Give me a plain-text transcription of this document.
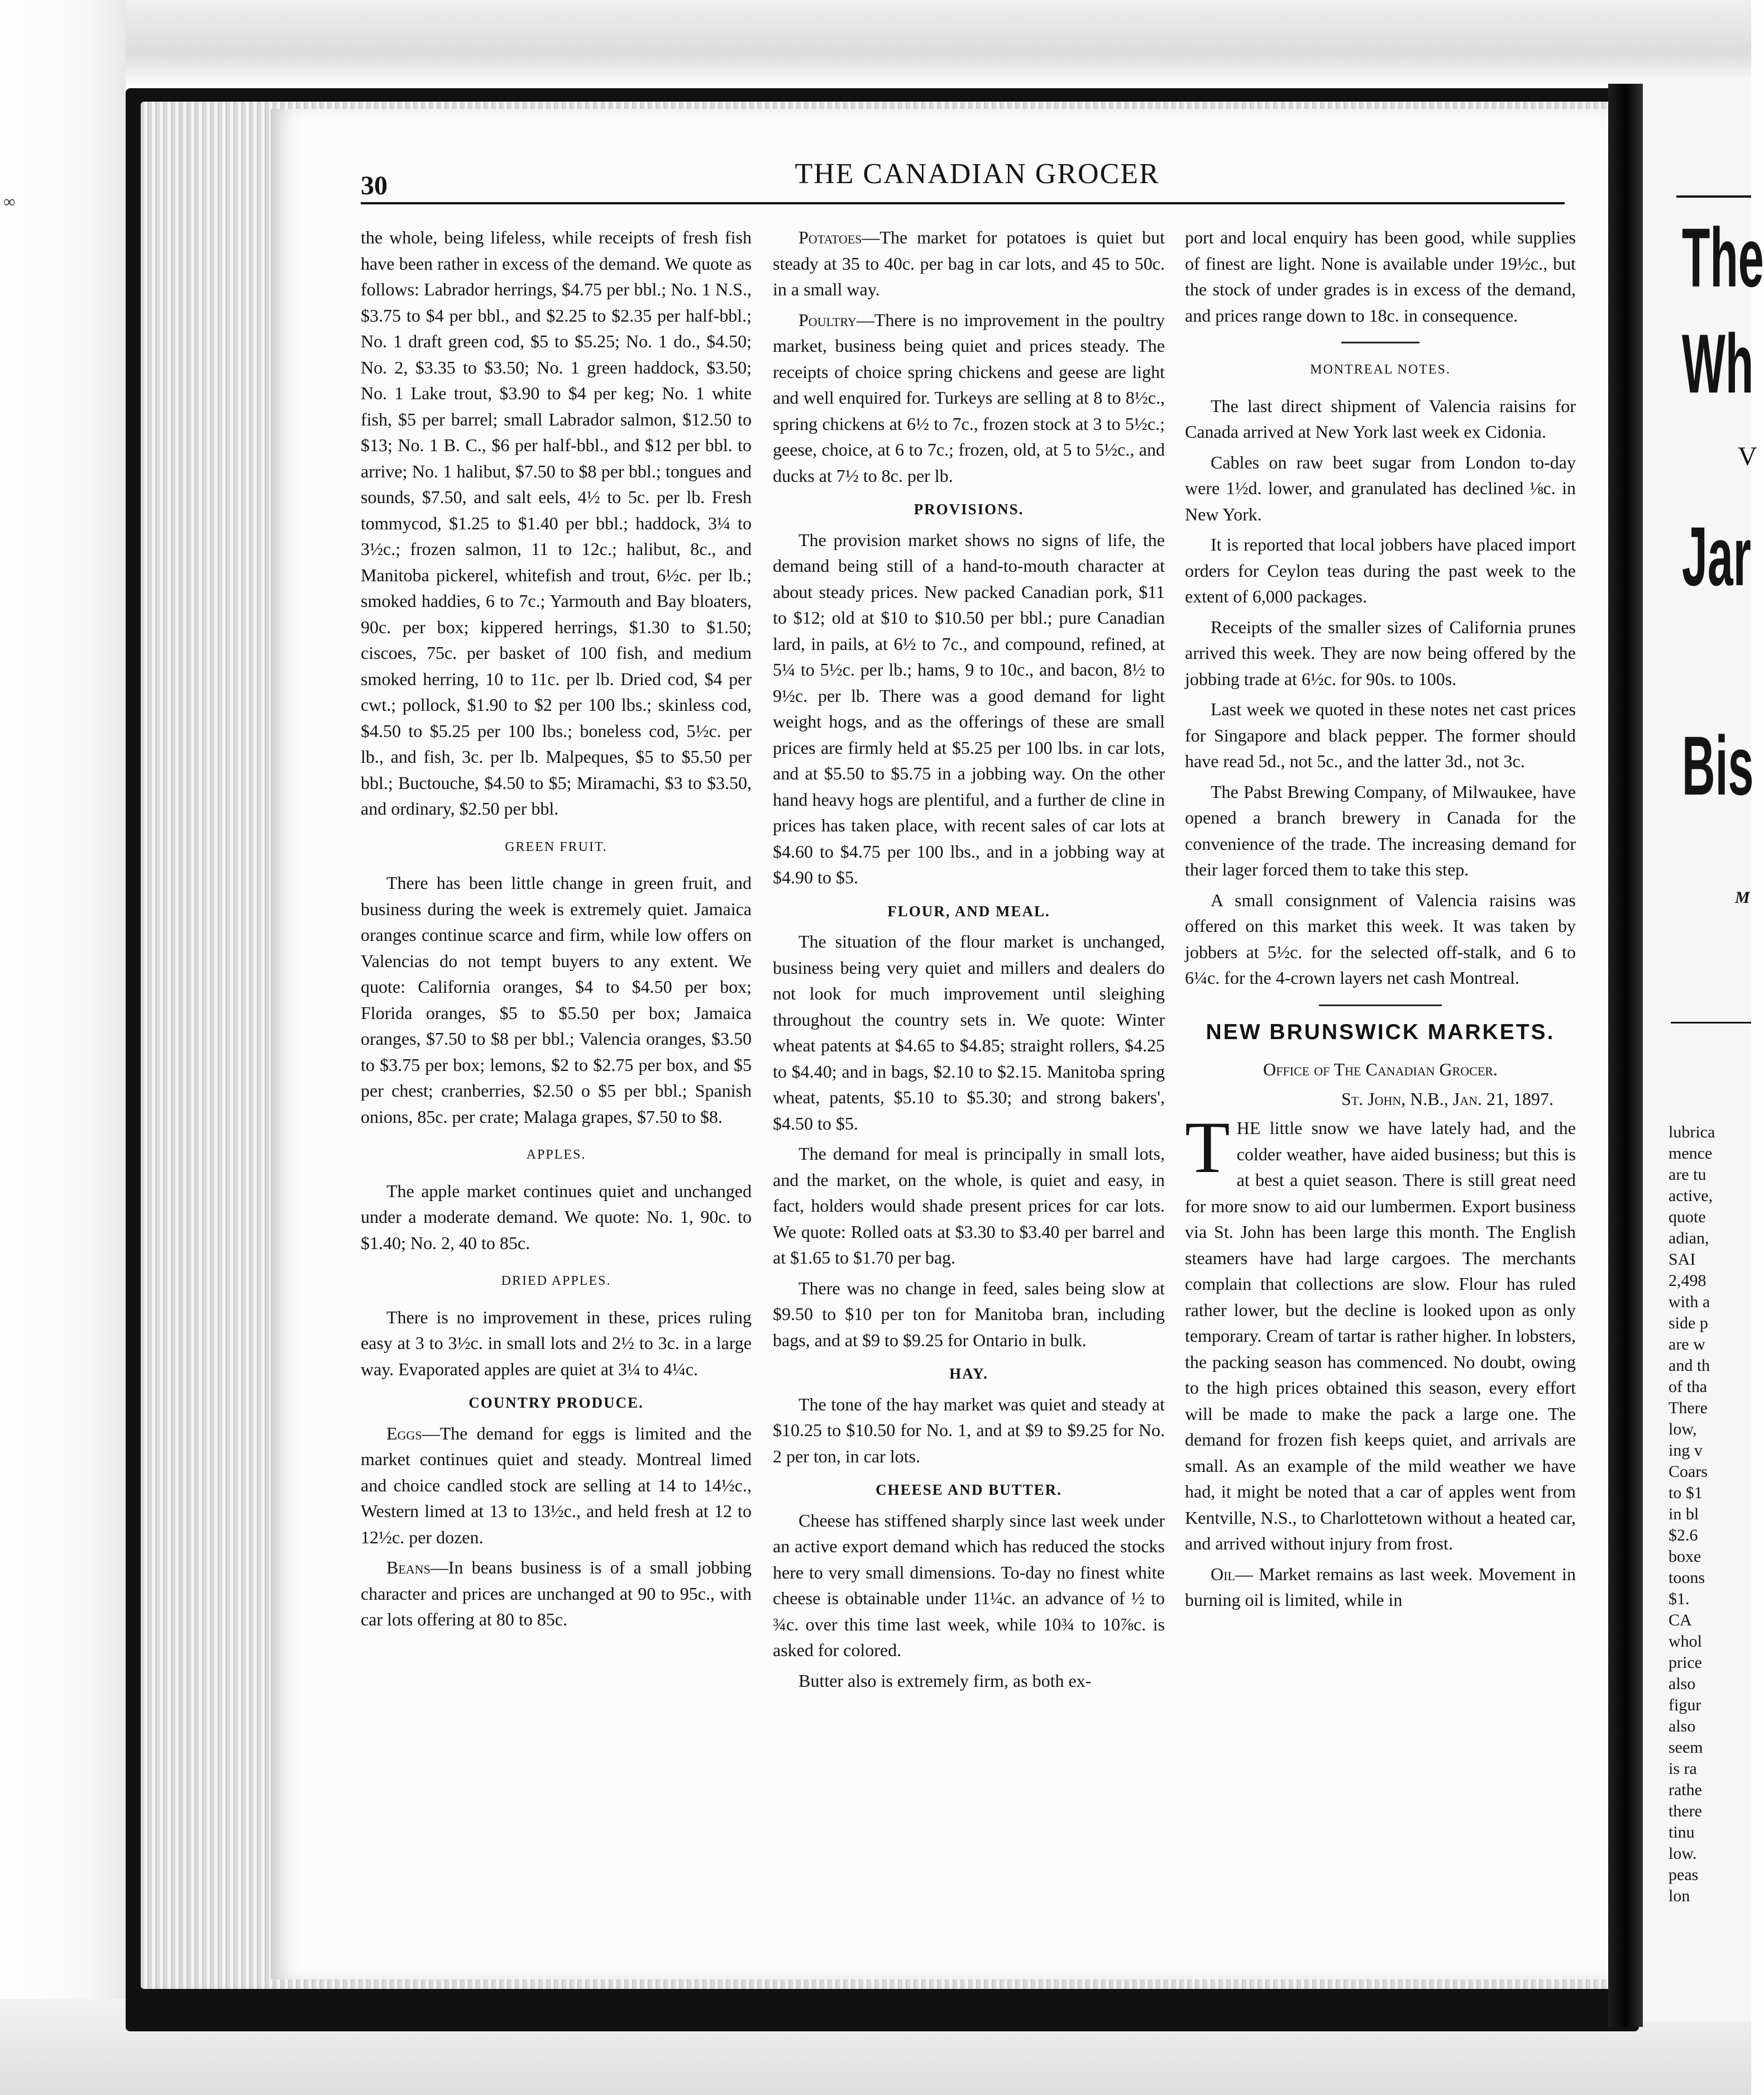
30	THE CANADIAN GROCER

the whole, being lifeless, while receipts of fresh fish have been rather in excess of the demand. We quote as follows: Labrador herrings, $4.75 per bbl.; No. 1 N.S., $3.75 to $4 per bbl., and $2.25 to $2.35 per half-bbl.; No. 1 draft green cod, $5 to $5.25; No. 1 do., $4.50; No. 2, $3.35 to $3.50; No. 1 green haddock, $3.50; No. 1 Lake trout, $3.90 to $4 per keg; No. 1 white fish, $5 per barrel; small Labrador salmon, $12.50 to $13; No. 1 B. C., $6 per half-bbl., and $12 per bbl. to arrive; No. 1 halibut, $7.50 to $8 per bbl.; tongues and sounds, $7.50, and salt eels, 4½ to 5c. per lb. Fresh tommycod, $1.25 to $1.40 per bbl.; haddock, 3¼ to 3½c.; frozen salmon, 11 to 12c.; halibut, 8c., and Manitoba pickerel, whitefish and trout, 6½c. per lb.; smoked haddies, 6 to 7c.; Yarmouth and Bay bloaters, 90c. per box; kippered herrings, $1.30 to $1.50; ciscoes, 75c. per basket of 100 fish, and medium smoked herring, 10 to 11c. per lb. Dried cod, $4 per cwt.; pollock, $1.90 to $2 per 100 lbs.; skinless cod, $4.50 to $5.25 per 100 lbs.; boneless cod, 5½c. per lb., and fish, 3c. per lb. Malpeques, $5 to $5.50 per bbl.; Buctouche, $4.50 to $5; Miramachi, $3 to $3.50, and ordinary, $2.50 per bbl.

GREEN FRUIT.

There has been little change in green fruit, and business during the week is extremely quiet. Jamaica oranges continue scarce and firm, while low offers on Valencias do not tempt buyers to any extent. We quote: California oranges, $4 to $4.50 per box; Florida oranges, $5 to $5.50 per box; Jamaica oranges, $7.50 to $8 per bbl.; Valencia oranges, $3.50 to $3.75 per box; lemons, $2 to $2.75 per box, and $5 per chest; cranberries, $2.50 o $5 per bbl.; Spanish onions, 85c. per crate; Malaga grapes, $7.50 to $8.

APPLES.

The apple market continues quiet and unchanged under a moderate demand. We quote: No. 1, 90c. to $1.40; No. 2, 40 to 85c.

DRIED APPLES.

There is no improvement in these, prices ruling easy at 3 to 3½c. in small lots and 2½ to 3c. in a large way. Evaporated apples are quiet at 3¼ to 4¼c.

COUNTRY PRODUCE.

Eggs—The demand for eggs is limited and the market continues quiet and steady. Montreal limed and choice candled stock are selling at 14 to 14½c., Western limed at 13 to 13½c., and held fresh at 12 to 12½c. per dozen.

Beans—In beans business is of a small jobbing character and prices are unchanged at 90 to 95c., with car lots offering at 80 to 85c.

Potatoes—The market for potatoes is quiet but steady at 35 to 40c. per bag in car lots, and 45 to 50c. in a small way.

Poultry—There is no improvement in the poultry market, business being quiet and prices steady. The receipts of choice spring chickens and geese are light and well enquired for. Turkeys are selling at 8 to 8½c., spring chickens at 6½ to 7c., frozen stock at 3 to 5½c.; geese, choice, at 6 to 7c.; frozen, old, at 5 to 5½c., and ducks at 7½ to 8c. per lb.

PROVISIONS.

The provision market shows no signs of life, the demand being still of a hand-to-mouth character at about steady prices. New packed Canadian pork, $11 to $12; old at $10 to $10.50 per bbl.; pure Canadian lard, in pails, at 6½ to 7c., and compound, refined, at 5¼ to 5½c. per lb.; hams, 9 to 10c., and bacon, 8½ to 9½c. per lb. There was a good demand for light weight hogs, and as the offerings of these are small prices are firmly held at $5.25 per 100 lbs. in car lots, and at $5.50 to $5.75 in a jobbing way. On the other hand heavy hogs are plentiful, and a further de cline in prices has taken place, with recent sales of car lots at $4.60 to $4.75 per 100 lbs., and in a jobbing way at $4.90 to $5.

FLOUR, AND MEAL.

The situation of the flour market is unchanged, business being very quiet and millers and dealers do not look for much improvement until sleighing throughout the country sets in. We quote: Winter wheat patents at $4.65 to $4.85; straight rollers, $4.25 to $4.40; and in bags, $2.10 to $2.15. Manitoba spring wheat, patents, $5.10 to $5.30; and strong bakers', $4.50 to $5.

The demand for meal is principally in small lots, and the market, on the whole, is quiet and easy, in fact, holders would shade present prices for car lots. We quote: Rolled oats at $3.30 to $3.40 per barrel and at $1.65 to $1.70 per bag.

There was no change in feed, sales being slow at $9.50 to $10 per ton for Manitoba bran, including bags, and at $9 to $9.25 for Ontario in bulk.

HAY.

The tone of the hay market was quiet and steady at $10.25 to $10.50 for No. 1, and at $9 to $9.25 for No. 2 per ton, in car lots.

CHEESE AND BUTTER.

Cheese has stiffened sharply since last week under an active export demand which has reduced the stocks here to very small dimensions. To-day no finest white cheese is obtainable under 11¼c. an advance of ½ to ¾c. over this time last week, while 10¾ to 10⅞c. is asked for colored.

Butter also is extremely firm, as both ex-

port and local enquiry has been good, while supplies of finest are light. None is available under 19½c., but the stock of under grades is in excess of the demand, and prices range down to 18c. in consequence.

MONTREAL NOTES.

The last direct shipment of Valencia raisins for Canada arrived at New York last week ex Cidonia.

Cables on raw beet sugar from London to-day were 1½d. lower, and granulated has declined ⅛c. in New York.

It is reported that local jobbers have placed import orders for Ceylon teas during the past week to the extent of 6,000 packages.

Receipts of the smaller sizes of California prunes arrived this week. They are now being offered by the jobbing trade at 6½c. for 90s. to 100s.

Last week we quoted in these notes net cast prices for Singapore and black pepper. The former should have read 5d., not 5c., and the latter 3d., not 3c.

The Pabst Brewing Company, of Milwaukee, have opened a branch brewery in Canada for the convenience of the trade. The increasing demand for their lager forced them to take this step.

A small consignment of Valencia raisins was offered on this market this week. It was taken by jobbers at 5½c. for the selected off-stalk, and 6 to 6¼c. for the 4-crown layers net cash Montreal.

NEW BRUNSWICK MARKETS.
Office of The Canadian Grocer.
St. John, N.B., Jan. 21, 1897.

THE little snow we have lately had, and the colder weather, have aided business; but this is at best a quiet season. There is still great need for more snow to aid our lumbermen. Export business via St. John has been large this month. The English steamers have had large cargoes. The merchants complain that collections are slow. Flour has ruled rather lower, but the decline is looked upon as only temporary. Cream of tartar is rather higher. In lobsters, the packing season has commenced. No doubt, owing to the high prices obtained this season, every effort will be made to make the pack a large one. The demand for frozen fish keeps quiet, and arrivals are small. As an example of the mild weather we have had, it might be noted that a car of apples went from Kentville, N.S., to Charlottetown without a heated car, and arrived without injury from frost.

Oil— Market remains as last week. Movement in burning oil is limited, while in

The
Wh
V
Jar
Bis
M
lubrica
mence
are tu
active,
quote
adian,
SAI
2,498
with a
side p
are w
and th
of tha
There
low,
ing v
Coars
to $1
in bl
$2.6
boxe
toons
$1.
CA
whol
price
also
figur
also
seem
is ra
rathe
there
tinu
low.
peas
lon
∞
